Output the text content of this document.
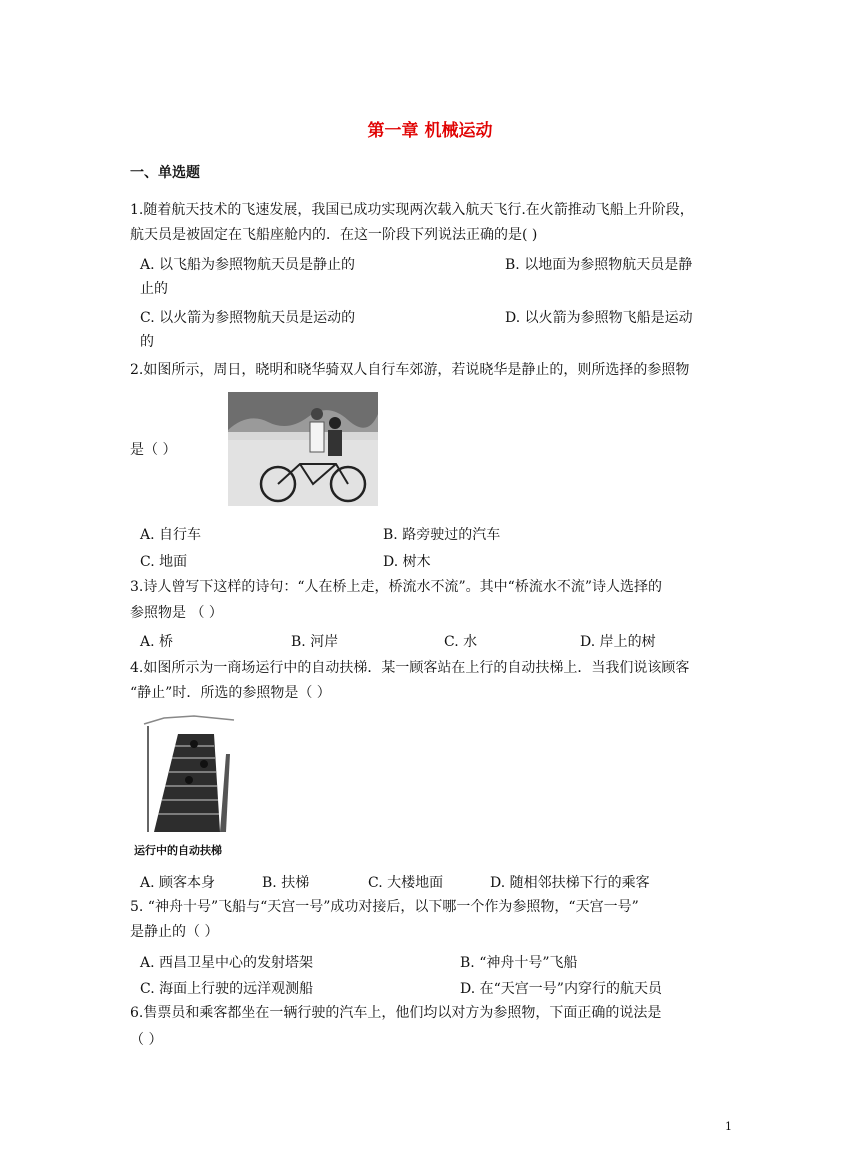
第一章 机械运动
一、单选题
1.随着航天技术的飞速发展，我国已成功实现两次载入航天飞行.在火箭推动飞船上升阶段，
航天员是被固定在飞船座舱内的．在这一阶段下列说法正确的是( )
A. 以飞船为参照物航天员是静止的	B. 以地面为参照物航天员是静
止的
C. 以火箭为参照物航天员是运动的	D. 以火箭为参照物飞船是运动
的
2.如图所示，周日，晓明和晓华骑双人自行车郊游，若说晓华是静止的，则所选择的参照物
是（ ）
A. 自行车	B. 路旁驶过的汽车
C. 地面	D. 树木
3.诗人曾写下这样的诗句：“人在桥上走，桥流水不流”。其中“桥流水不流”诗人选择的
参照物是 （ ）
A. 桥	B. 河岸	C. 水	D. 岸上的树
4.如图所示为一商场运行中的自动扶梯．某一顾客站在上行的自动扶梯上．当我们说该顾客
“静止”时．所选的参照物是（ ）
运行中的自动扶梯
A. 顾客本身	B. 扶梯	C. 大楼地面	D. 随相邻扶梯下行的乘客
5. “神舟十号”飞船与“天宫一号”成功对接后，以下哪一个作为参照物，“天宫一号”
是静止的（ ）
A. 西昌卫星中心的发射塔架	B. “神舟十号”飞船
C. 海面上行驶的远洋观测船	D. 在“天宫一号”内穿行的航天员
6.售票员和乘客都坐在一辆行驶的汽车上，他们均以对方为参照物，下面正确的说法是
（ ）
1
